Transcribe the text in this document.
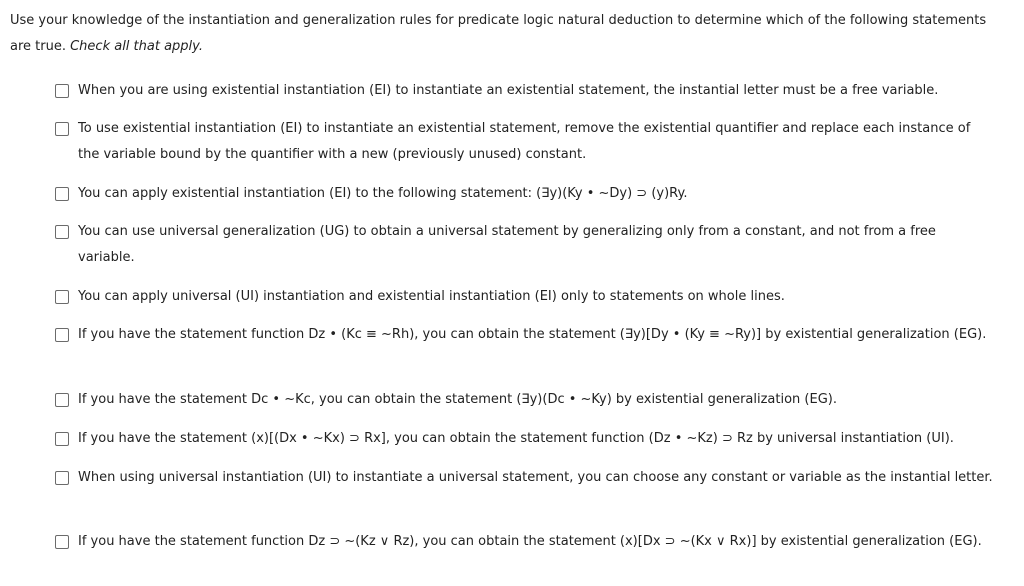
Use your knowledge of the instantiation and generalization rules for predicate logic natural deduction to determine which of the following statements are true. Check all that apply.

When you are using existential instantiation (EI) to instantiate an existential statement, the instantial letter must be a free variable.
To use existential instantiation (EI) to instantiate an existential statement, remove the existential quantifier and replace each instance of the variable bound by the quantifier with a new (previously unused) constant.
You can apply existential instantiation (EI) to the following statement: (∃y)(Ky • ~Dy) ⊃ (y)Ry.
You can use universal generalization (UG) to obtain a universal statement by generalizing only from a constant, and not from a free variable.
You can apply universal (UI) instantiation and existential instantiation (EI) only to statements on whole lines.
If you have the statement function Dz • (Kc ≡ ~Rh), you can obtain the statement (∃y)[Dy • (Ky ≡ ~Ry)] by existential generalization (EG).
If you have the statement Dc • ~Kc, you can obtain the statement (∃y)(Dc • ~Ky) by existential generalization (EG).
If you have the statement (x)[(Dx • ~Kx) ⊃ Rx], you can obtain the statement function (Dz • ~Kz) ⊃ Rz by universal instantiation (UI).
When using universal instantiation (UI) to instantiate a universal statement, you can choose any constant or variable as the instantial letter.
If you have the statement function Dz ⊃ ~(Kz ∨ Rz), you can obtain the statement (x)[Dx ⊃ ~(Kx ∨ Rx)] by existential generalization (EG).
